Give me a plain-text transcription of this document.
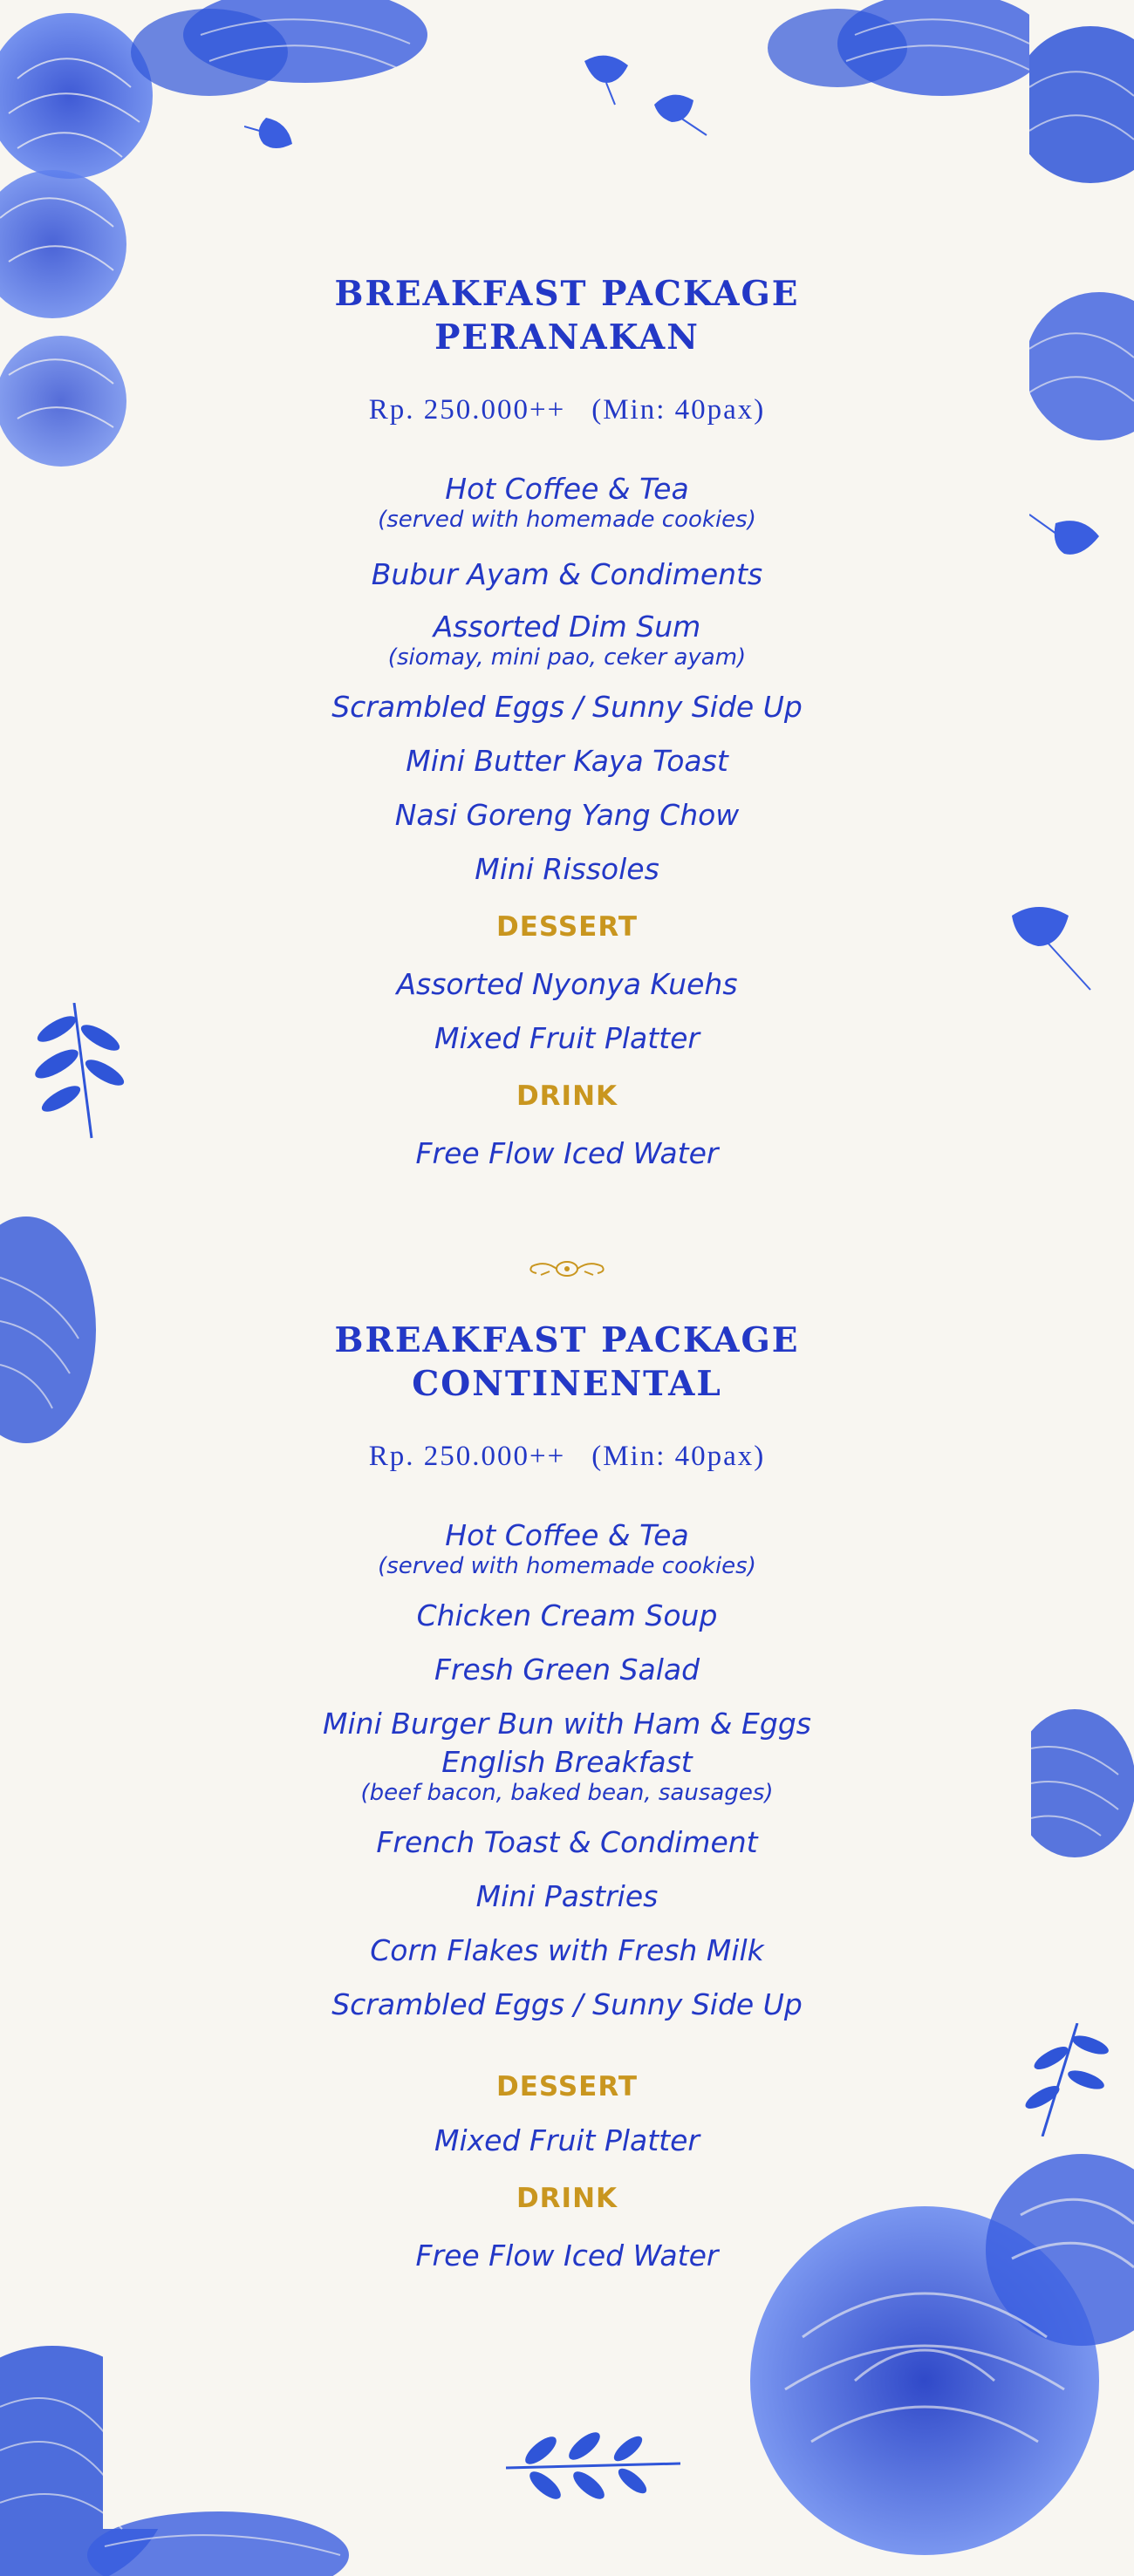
BREAKFAST PACKAGE
PERANAKAN
Rp. 250.000++ (Min: 40pax)
Hot Coffee & Tea
(served with homemade cookies)
Bubur Ayam & Condiments
Assorted Dim Sum
(siomay, mini pao, ceker ayam)
Scrambled Eggs / Sunny Side Up
Mini Butter Kaya Toast
Nasi Goreng Yang Chow
Mini Rissoles
DESSERT
Assorted Nyonya Kuehs
Mixed Fruit Platter
DRINK
Free Flow Iced Water
BREAKFAST PACKAGE
CONTINENTAL
Rp. 250.000++ (Min: 40pax)
Hot Coffee & Tea
(served with homemade cookies)
Chicken Cream Soup
Fresh Green Salad
Mini Burger Bun with Ham & Eggs
English Breakfast
(beef bacon, baked bean, sausages)
French Toast & Condiment
Mini Pastries
Corn Flakes with Fresh Milk
Scrambled Eggs / Sunny Side Up
DESSERT
Mixed Fruit Platter
DRINK
Free Flow Iced Water
